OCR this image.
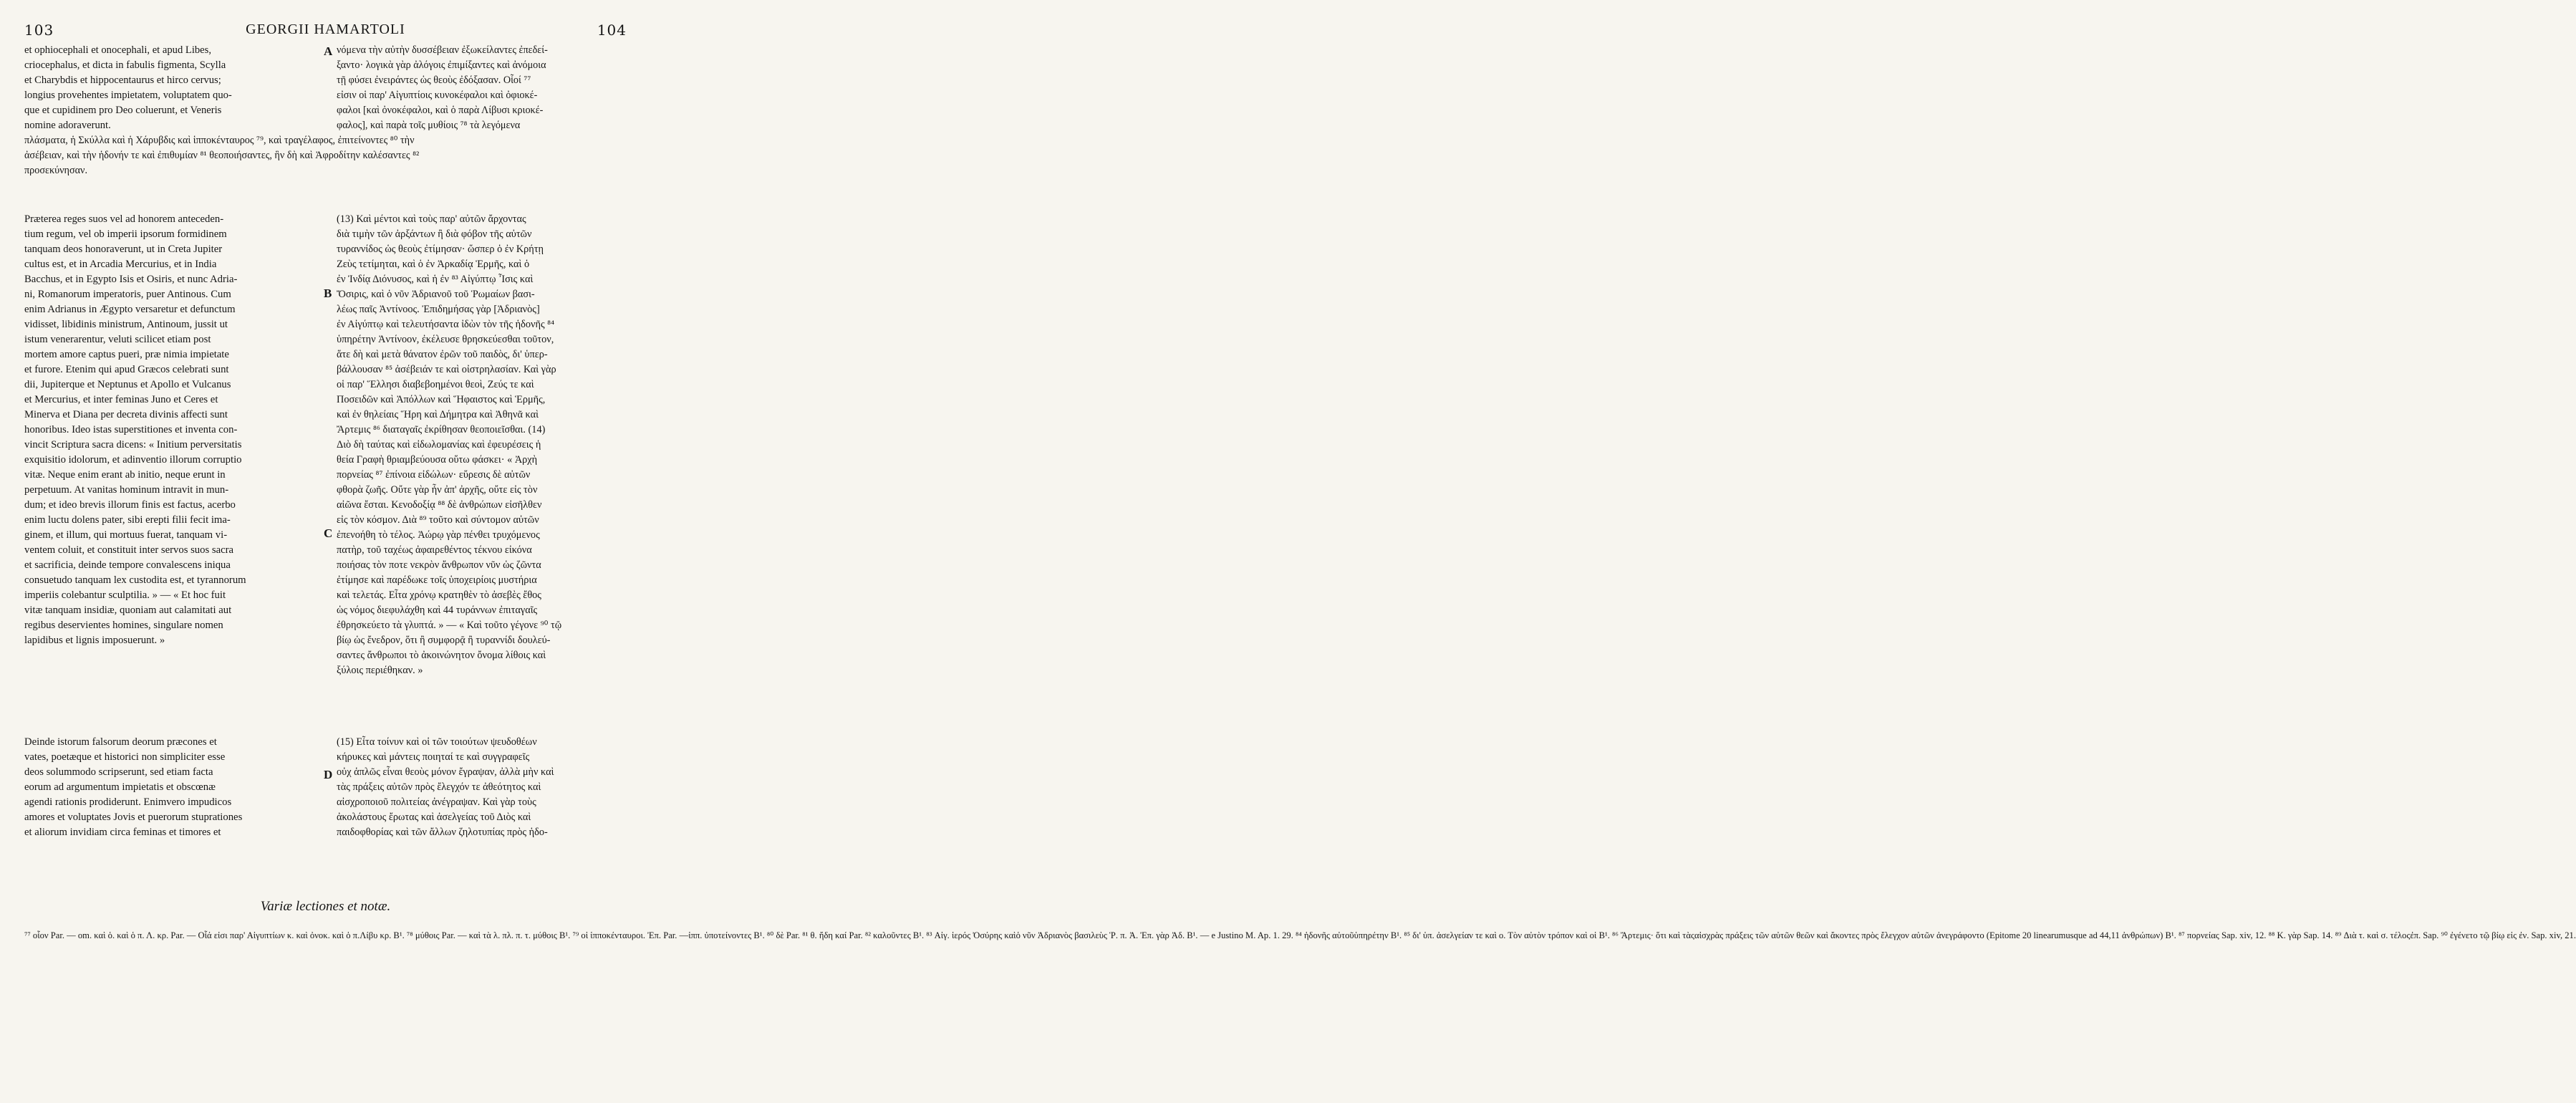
103	GEORGII HAMARTOLI	104
et ophiocephali et onocephali, et apud Libes,
criocephalus, et dicta in fabulis figmenta, Scylla
et Charybdis et hippocentaurus et hirco cervus;
longius provehentes impietatem, voluptatem quo-
que et cupidinem pro Deo coluerunt, et Veneris
nomine adoraverunt.
A νόμενα τὴν αὐτὴν δυσσέβειαν ἐξωκείλαντες ἐπεδεί-
ξαντο· λογικὰ γὰρ ἀλόγοις ἐπιμίξαντες καὶ ἀνόμοια
τῇ φύσει ἐνειράντες ὡς θεοὺς ἐδόξασαν. Οἷοί ⁷⁷
εἰσιν οἱ παρ' Αἰγυπτίοις κυνοκέφαλοι καὶ ὀφιοκέ-
φαλοι [καὶ ὀνοκέφαλοι, καὶ ὁ παρὰ Λίβυσι κριοκέ-
φαλος], καὶ παρὰ τοῖς μυθίοις ⁷⁸ τὰ λεγόμενα
πλάσματα, ἡ Σκύλλα καὶ ἡ Χάρυβδις καὶ ἱπποκένταυρος ⁷⁹, καὶ τραγέλαφος, ἐπιτείνοντες ⁸⁰ τὴν
ἀσέβειαν, καὶ τὴν ἡδονήν τε καὶ ἐπιθυμίαν ⁸¹ θεοποιήσαντες, ἣν δὴ καὶ Ἀφροδίτην καλέσαντες ⁸²
προσεκύνησαν.
Præterea reges suos vel ad honorem anteceden-
tium regum, vel ob imperii ipsorum formidinem
tanquam deos honoraverunt, ut in Creta Jupiter
cultus est, et in Arcadia Mercurius, et in India
Bacchus, et in Egypto Isis et Osiris, et nunc Adria-
ni, Romanorum imperatoris, puer Antinous. Cum
enim Adrianus in Ægypto versaretur et defunctum
vidisset, libidinis ministrum, Antinoum, jussit ut
istum venerarentur, veluti scilicet etiam post
mortem amore captus pueri, præ nimia impietate
et furore. Etenim qui apud Græcos celebrati sunt
dii, Jupiterque et Neptunus et Apollo et Vulcanus
et Mercurius, et inter feminas Juno et Ceres et
Minerva et Diana per decreta divinis affecti sunt
honoribus. Ideo istas superstitiones et inventa con-
vincit Scriptura sacra dicens: « Initium perversitatis
exquisitio idolorum, et adinventio illorum corruptio
vitæ. Neque enim erant ab initio, neque erunt in
perpetuum. At vanitas hominum intravit in mun-
dum; et ideo brevis illorum finis est factus, acerbo
enim luctu dolens pater, sibi erepti filii fecit ima-
ginem, et illum, qui mortuus fuerat, tanquam vi-
ventem coluit, et constituit inter servos suos sacra
et sacrificia, deinde tempore convalescens iniqua
consuetudo tanquam lex custodita est, et tyrannorum
imperiis colebantur sculptilia. » — « Et hoc fuit
vitæ tanquam insidiæ, quoniam aut calamitati aut
regibus deservientes homines, singulare nomen
lapidibus et lignis imposuerunt. »
B
(13) Καὶ μέντοι καὶ τοὺς παρ' αὐτῶν ἄρχοντας
διὰ τιμὴν τῶν ἀρξάντων ἢ διὰ φόβον τῆς αὐτῶν
τυραννίδος ὡς θεοὺς ἐτίμησαν· ὥσπερ ὁ ἐν Κρήτῃ
Ζεὺς τετίμηται, καὶ ὁ ἐν Ἀρκαδίᾳ Ἑρμῆς, καὶ ὁ
ἐν Ἰνδίᾳ Διόνυσος, καὶ ἡ ἐν ⁸³ Αἰγύπτῳ Ἶσις καὶ
Ὄσιρις, καὶ ὁ νῦν Ἀδριανοῦ τοῦ Ῥωμαίων βασι-
λέως παῖς Ἀντίνοος. Ἐπιδημήσας γὰρ [Ἀδριανὸς]
ἐν Αἰγύπτῳ καὶ τελευτήσαντα ἰδὼν τὸν τῆς ἡδονῆς ⁸⁴
ὑπηρέτην Ἀντίνοον, ἐκέλευσε θρησκεύεσθαι τοῦτον,
ἅτε δὴ καὶ μετὰ θάνατον ἐρῶν τοῦ παιδὸς, δι' ὑπερ-
βάλλουσαν ⁸⁵ ἀσέβειάν τε καὶ οἰστρηλασίαν. Καὶ γὰρ
οἱ παρ' Ἕλλησι διαβεβοημένοι θεοὶ, Ζεύς τε καὶ
Ποσειδῶν καὶ Ἀπόλλων καὶ Ἥφαιστος καὶ Ἑρμῆς,
καὶ ἐν θηλείαις Ἥρη καὶ Δήμητρα καὶ Ἀθηνᾶ καὶ
Ἄρτεμις ⁸⁶ διαταγαῖς ἐκρίθησαν θεοποιεῖσθαι. (14)
Διὸ δὴ ταύτας καὶ εἰδωλομανίας καὶ ἐφευρέσεις ἡ
θεία Γραφὴ θριαμβεύουσα οὕτω φάσκει· « Ἀρχὴ
πορνείας ⁸⁷ ἐπίνοια εἰδώλων· εὕρεσις δὲ αὐτῶν
φθορὰ ζωῆς. Οὔτε γὰρ ἦν ἀπ' ἀρχῆς, οὔτε εἰς τὸν
αἰῶνα ἔσται. Κενοδοξίᾳ ⁸⁸ δὲ ἀνθρώπων εἰσῆλθεν
εἰς τὸν κόσμον. Διὰ ⁸⁹ τοῦτο καὶ σύντομον αὐτῶν
ἐπενοήθη τὸ τέλος. Ἀώρῳ γὰρ πένθει τρυχόμενος
πατὴρ, τοῦ ταχέως ἀφαιρεθέντος τέκνου εἰκόνα
ποιήσας τὸν ποτε νεκρὸν ἄνθρωπον νῦν ὡς ζῶντα
ἐτίμησε καὶ παρέδωκε τοῖς ὑποχειρίοις μυστήρια
καὶ τελετάς. Εἶτα χρόνῳ κρατηθὲν τὸ ἀσεβὲς ἔθος
ὡς νόμος διεφυλάχθη καὶ 44 τυράννων ἐπιταγαῖς
ἐθρησκεύετο τὰ γλυπτά. » — « Καὶ τοῦτο γέγονε ⁹⁰ τῷ
βίῳ ὡς ἔνεδρον, ὅτι ἢ συμφορᾷ ἢ τυραννίδι δουλεύ-
σαντες ἄνθρωποι τὸ ἀκοινώνητον ὄνομα λίθοις καὶ
ξύλοις περιέθηκαν. »
C
Deinde istorum falsorum deorum præcones et
vates, poetæque et historici non simpliciter esse
deos solummodo scripserunt, sed etiam facta
eorum ad argumentum impietatis et obscœnæ
agendi rationis prodiderunt. Enimvero impudicos
amores et voluptates Jovis et puerorum stuprationes
et aliorum invidiam circa feminas et timores et
D
(15) Εἶτα τοίνυν καὶ οἱ τῶν τοιούτων ψευδοθέων
κήρυκες καὶ μάντεις ποιηταί τε καὶ συγγραφεῖς
οὐχ ἁπλῶς εἶναι θεοὺς μόνον ἔγραψαν, ἀλλὰ μὴν καὶ
τὰς πράξεις αὐτῶν πρὸς ἔλεγχόν τε ἀθεότητος καὶ
αἰσχροποιοῦ πολιτείας ἀνέγραψαν. Καὶ γὰρ τοὺς
ἀκολάστους ἔρωτας καὶ ἀσελγείας τοῦ Διὸς καὶ
παιδοφθορίας καὶ τῶν ἄλλων ζηλοτυπίας πρὸς ἡδο-
Variæ lectiones et notæ.
⁷⁷ οἷον Par. — om. καὶ ὁ. καὶ ὁ π. Λ. κρ. Par. — Οἷά εἰσι παρ' Αἰγυπτίων κ. καὶ ὀνοκ. καὶ ὁ π.Λίβυ κρ. B¹. ⁷⁸ μύθοις Par. — καὶ τὰ λ. πλ. π. τ. μύθοις B¹. ⁷⁹ οἱ ἱπποκένταυροι. Ἐπ. Par. —ἱππ. ὑποτείνοντες B¹. ⁸⁰ δὲ Par. ⁸¹ θ. ἤδη καί Par. ⁸² καλοῦντες B¹. ⁸³ Αἰγ. ἱερός Ὀσύρης καὶὁ νῦν Ἀδριανὸς βασιλεὺς Ῥ. π. Ἀ. Ἐπ. γὰρ Ἀδ. B¹. — e Justino M. Ap. 1. 29. ⁸⁴ ἡδονῆς αὐτοῦὑπηρέτην B¹. ⁸⁵ δι' ὑπ. ἀσελγείαν τε καὶ ο. Τὸν αὐτὸν τρόπον καὶ οἱ B¹. ⁸⁶ Ἄρτεμις· ὅτι καὶ τὰςαἰσχρὰς πράξεις τῶν αὐτῶν θεῶν καὶ ἄκοντες πρὸς ἔλεγχον αὐτῶν ἀνεγράφοντο (Epitome 20 linearumusque ad 44,11 ἀνθρώπων) B¹. ⁸⁷ πορνείας Sap. xiv, 12. ⁸⁸ Κ. γὰρ Sap. 14. ⁸⁹ Διὰ τ. καὶ σ. τέλοςἐπ. Sap. ⁹⁰ ἐγένετο τῷ βίῳ εἰς ἐν. Sap. xiv, 21.
